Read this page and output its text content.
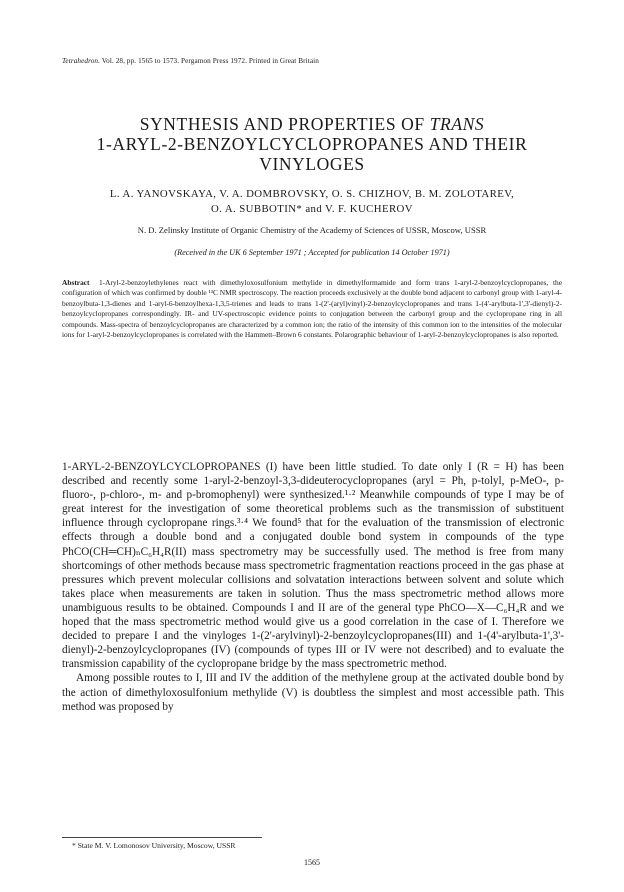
Tetrahedron. Vol. 28, pp. 1565 to 1573. Pergamon Press 1972. Printed in Great Britain
SYNTHESIS AND PROPERTIES OF TRANS
1-ARYL-2-BENZOYLCYCLOPROPANES AND THEIR
VINYLOGES
L. A. YANOVSKAYA, V. A. DOMBROVSKY, O. S. CHIZHOV, B. M. ZOLOTAREV,
O. A. SUBBOTIN* and V. F. KUCHEROV
N. D. Zelinsky Institute of Organic Chemistry of the Academy of Sciences of USSR, Moscow, USSR
(Received in the UK 6 September 1971 ; Accepted for publication 14 October 1971)
Abstract 1-Aryl-2-benzoylethylenes react with dimethyloxosulfonium methylide in dimethylformamide and form trans 1-aryl-2-benzoylcyclopropanes, the configuration of which was confirmed by double ¹³C NMR spectroscopy. The reaction proceeds exclusively at the double bond adjacent to carbonyl group with 1-aryl-4-benzoylbuta-1,3-dienes and 1-aryl-6-benzoylhexa-1,3,5-trienes and leads to trans 1-(2'-(aryl)vinyl)-2-benzoylcyclopropanes and trans 1-(4'-arylbuta-1',3'-dienyl)-2-benzoylcyclopropanes correspondingly. IR- and UV-spectroscopic evidence points to conjugation between the carbonyl group and the cyclopropane ring in all compounds. Mass-spectra of benzoylcyclopropanes are characterized by a common ion; the ratio of the intensity of this common ion to the intensities of the molecular ions for 1-aryl-2-benzoylcyclopropanes is correlated with the Hammett–Brown 6 constants. Polarographic behaviour of 1-aryl-2-benzoylcyclopropanes is also reported.

1-ARYL-2-BENZOYLCYCLOPROPANES (I) have been little studied. To date only I (R = H) has been described and recently some 1-aryl-2-benzoyl-3,3-dideuterocyclopropanes (aryl = Ph, p-tolyl, p-MeO-, p-fluoro-, p-chloro-, m- and p-bromophenyl) were synthesized.¹·² Meanwhile compounds of type I may be of great interest for the investigation of some theoretical problems such as the transmission of substituent influence through cyclopropane rings.³·⁴ We found⁵ that for the evaluation of the transmission of electronic effects through a double bond and a conjugated double bond system in compounds of the type PhCO(CH═CH)ₙC₆H₄R(II) mass spectrometry may be successfully used. The method is free from many shortcomings of other methods because mass spectrometric fragmentation reactions proceed in the gas phase at pressures which prevent molecular collisions and solvatation interactions between solvent and solute which takes place when measurements are taken in solution. Thus the mass spectrometric method allows more unambiguous results to be obtained. Compounds I and II are of the general type PhCO—X—C₆H₄R and we hoped that the mass spectrometric method would give us a good correlation in the case of I. Therefore we decided to prepare I and the vinyloges 1-(2'-arylvinyl)-2-benzoylcyclopropanes(III) and 1-(4'-arylbuta-1',3'-dienyl)-2-benzoylcyclopropanes (IV) (compounds of types III or IV were not described) and to evaluate the transmission capability of the cyclopropane bridge by the mass spectrometric method.

Among possible routes to I, III and IV the addition of the methylene group at the activated double bond by the action of dimethyloxosulfonium methylide (V) is doubtless the simplest and most accessible path. This method was proposed by

* State M. V. Lomonosov University, Moscow, USSR
1565
